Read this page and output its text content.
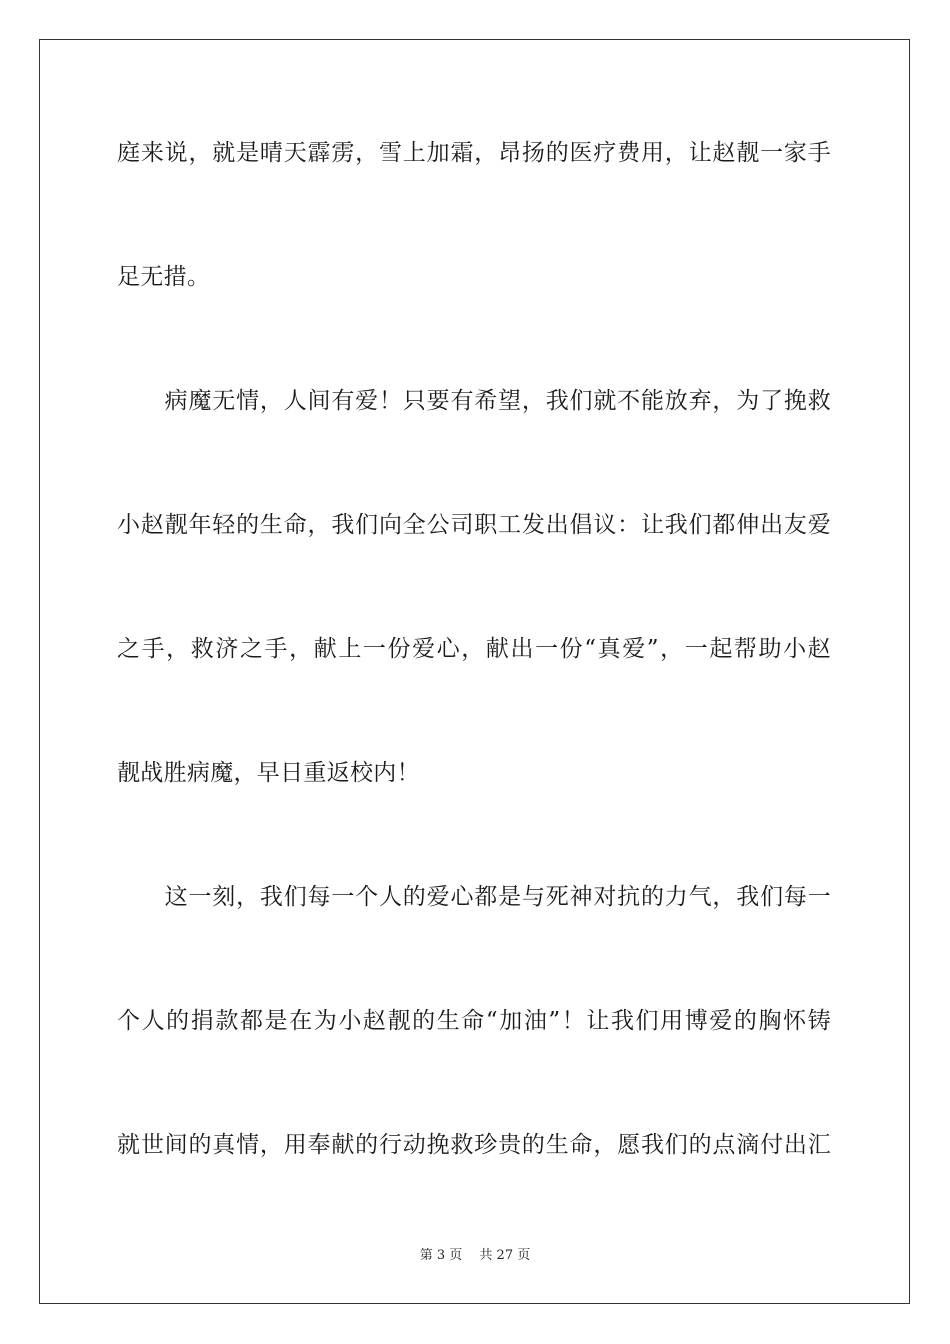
庭来说，就是晴天霹雳，雪上加霜，昂扬的医疗费用，让赵靓一家手
足无措。
　　病魔无情，人间有爱！只要有希望，我们就不能放弃，为了挽救
小赵靓年轻的生命，我们向全公司职工发出倡议：让我们都伸出友爱
之手，救济之手，献上一份爱心，献出一份“真爱”，一起帮助小赵
靓战胜病魔，早日重返校内！
　　这一刻，我们每一个人的爱心都是与死神对抗的力气，我们每一
个人的捐款都是在为小赵靓的生命“加油”！让我们用博爱的胸怀铸
就世间的真情，用奉献的行动挽救珍贵的生命，愿我们的点滴付出汇
第 3 页　 共 27 页
